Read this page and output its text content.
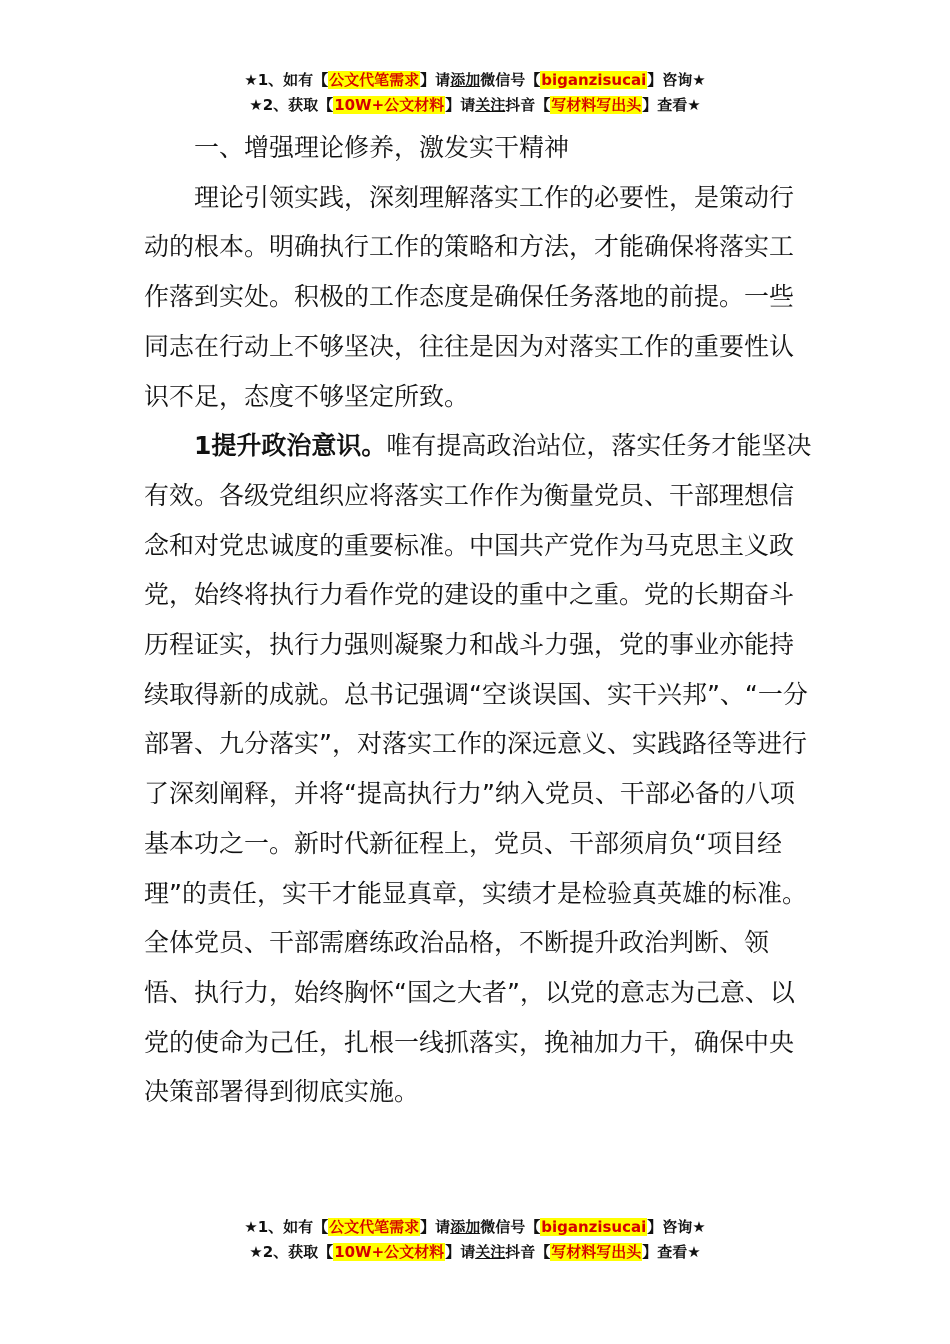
★1、如有【公文代笔需求】请添加微信号【biganzisucai】咨询★
★2、获取【10W+公文材料】请关注抖音【写材料写出头】查看★

一、增强理论修养，激发实干精神

理论引领实践，深刻理解落实工作的必要性，是策动行动的根本。明确执行工作的策略和方法，才能确保将落实工作落到实处。积极的工作态度是确保任务落地的前提。一些同志在行动上不够坚决，往往是因为对落实工作的重要性认识不足，态度不够坚定所致。

1提升政治意识。唯有提高政治站位，落实任务才能坚决有效。各级党组织应将落实工作作为衡量党员、干部理想信念和对党忠诚度的重要标准。中国共产党作为马克思主义政党，始终将执行力看作党的建设的重中之重。党的长期奋斗历程证实，执行力强则凝聚力和战斗力强，党的事业亦能持续取得新的成就。总书记强调“空谈误国、实干兴邦”、“一分部署、九分落实”，对落实工作的深远意义、实践路径等进行了深刻阐释，并将“提高执行力”纳入党员、干部必备的八项基本功之一。新时代新征程上，党员、干部须肩负“项目经理”的责任，实干才能显真章，实绩才是检验真英雄的标准。全体党员、干部需磨练政治品格，不断提升政治判断、领悟、执行力，始终胸怀“国之大者”，以党的意志为己意、以党的使命为己任，扎根一线抓落实，挽袖加力干，确保中央决策部署得到彻底实施。

★1、如有【公文代笔需求】请添加微信号【biganzisucai】咨询★
★2、获取【10W+公文材料】请关注抖音【写材料写出头】查看★
